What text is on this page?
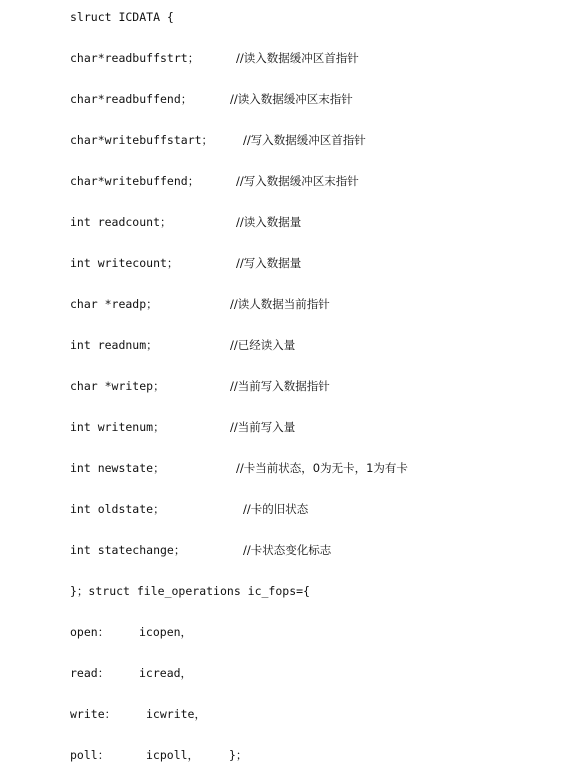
slruct ICDATA {
char*readbuffstrt；	//读入数据缓冲区首指针
char*readbuffend；	//读入数据缓冲区末指针
char*writebuffstart；	//写入数据缓冲区首指针
char*writebuffend；	//写入数据缓冲区末指针
int readcount；	//读入数据量
int writecount；	//写入数据量
char *readp；	//读人数据当前指针
int readnum；	//已经读入量
char *writep；	//当前写入数据指针
int writenum；	//当前写入量
int newstate；	//卡当前状态，0为无卡，1为有卡
int oldstate；	//卡的旧状态
int statechange；	//卡状态变化标志
}；struct file_operations ic_fops={
open：	icopen，
read：	icread，
write：	icwrite，
poll：	icpoll，	}；
